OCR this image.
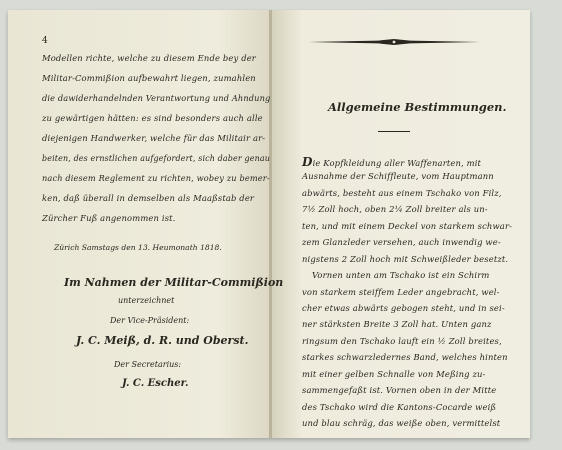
4
Modellen richte, welche zu diesem Ende bey der
Militar-Commißion aufbewahrt liegen, zumahlen
die dawiderhandelnden Verantwortung und Ahndung
zu gewärtigen hätten: es sind besonders auch alle
diejenigen Handwerker, welche für das Militair ar-
beiten, des ernstlichen aufgefordert, sich daber genau
nach diesem Reglement zu richten, wobey zu bemer-
ken, daß überall in demselben als Maaßstab der
Zürcher Fuß angenommen ist.
Zürich Samstags den 13. Heumonath 1818.
Im Nahmen der Militar-Commißion
unterzeichnet
Der Vice-Präsident:
J. C. Meiß, d. R. und Oberst.
Der Secretarius:
J. C. Escher.
Allgemeine Bestimmungen.
Die Kopfkleidung aller Waffenarten, mit
Ausnahme der Schiffleute, vom Hauptmann
abwärts, besteht aus einem Tschako von Filz,
7½ Zoll hoch, oben 2¼ Zoll breiter als un-
ten, und mit einem Deckel von starkem schwar-
zem Glanzleder versehen, auch inwendig we-
nigstens 2 Zoll hoch mit Schweißleder besetzt.
Vornen unten am Tschako ist ein Schirm
von starkem steiffem Leder angebracht, wel-
cher etwas abwärts gebogen steht, und in sei-
ner stärksten Breite 3 Zoll hat. Unten ganz
ringsum den Tschako lauft ein ½ Zoll breites,
starkes schwarzledernes Band, welches hinten
mit einer gelben Schnalle von Meßing zu-
sammengefaßt ist. Vornen oben in der Mitte
des Tschako wird die Kantons-Cocarde weiß
und blau schräg, das weiße oben, vermittelst
